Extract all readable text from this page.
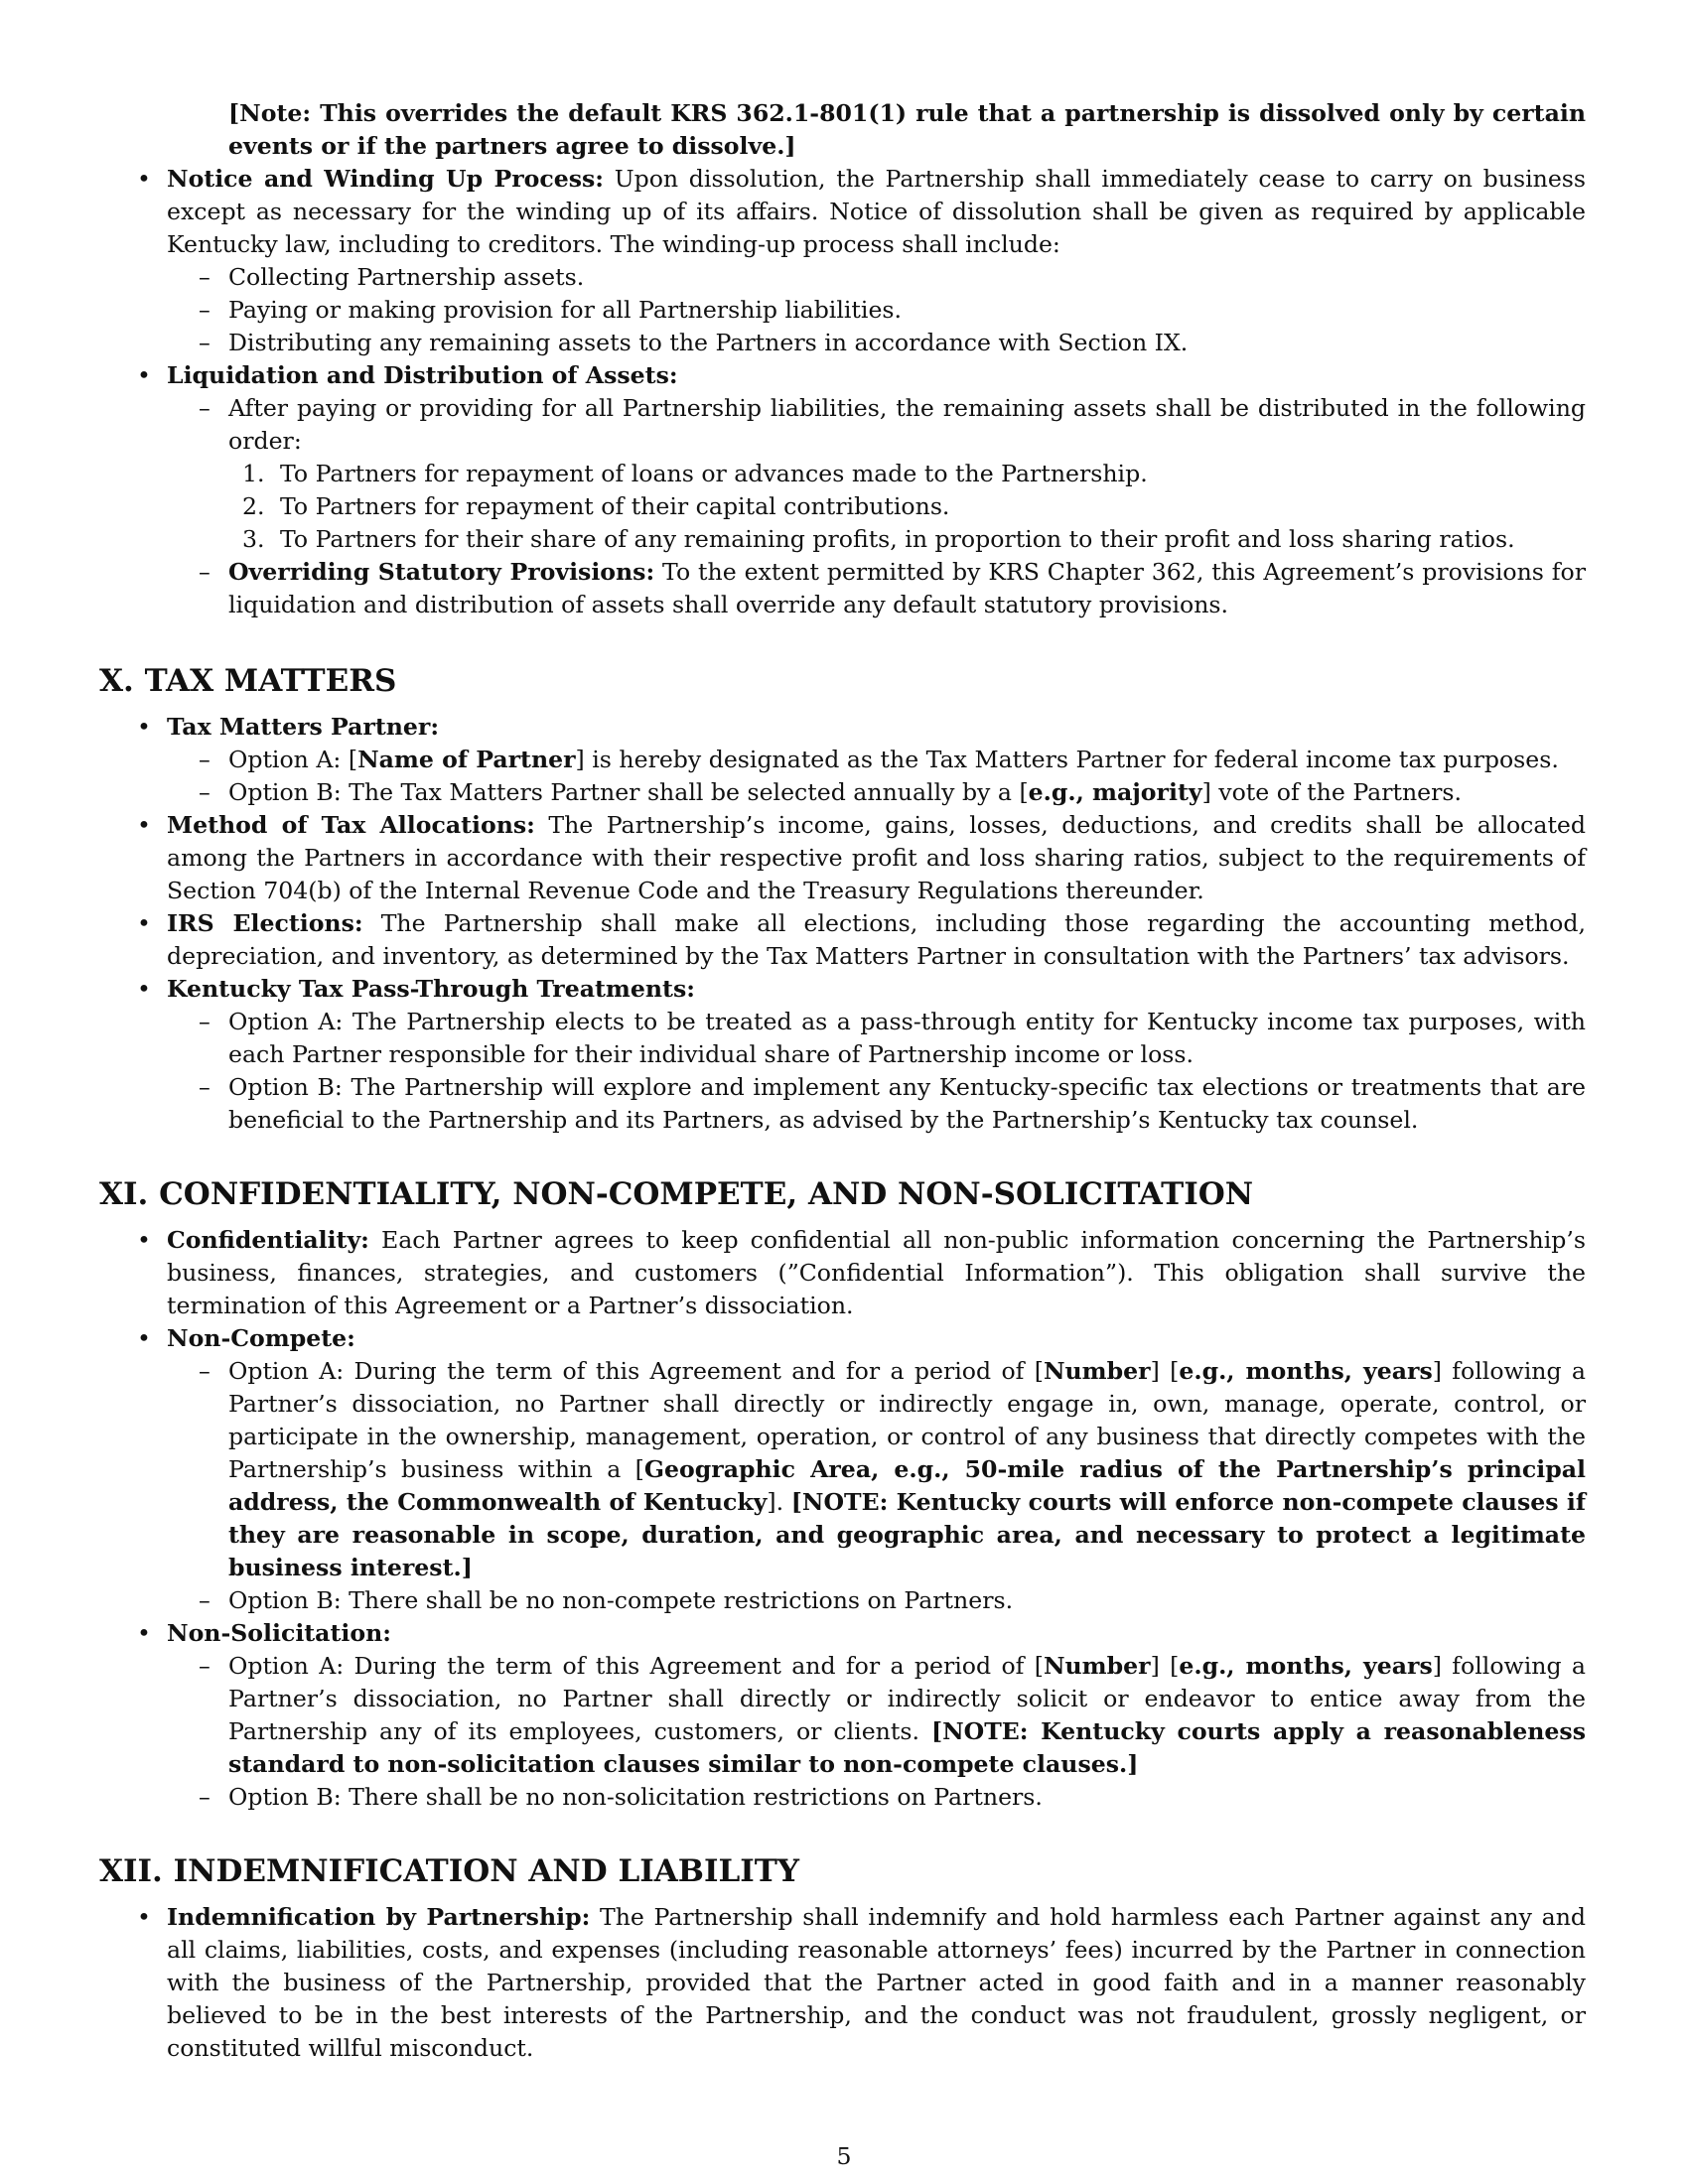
[Note: This overrides the default KRS 362.1-801(1) rule that a partnership is dissolved only by certain events or if the partners agree to dissolve.]

• Notice and Winding Up Process: Upon dissolution, the Partnership shall immediately cease to carry on business except as necessary for the winding up of its affairs. Notice of dissolution shall be given as required by applicable Kentucky law, including to creditors. The winding-up process shall include:
– Collecting Partnership assets.
– Paying or making provision for all Partnership liabilities.
– Distributing any remaining assets to the Partners in accordance with Section IX.
• Liquidation and Distribution of Assets:
– After paying or providing for all Partnership liabilities, the remaining assets shall be distributed in the following order:
1. To Partners for repayment of loans or advances made to the Partnership.
2. To Partners for repayment of their capital contributions.
3. To Partners for their share of any remaining profits, in proportion to their profit and loss sharing ratios.
– Overriding Statutory Provisions: To the extent permitted by KRS Chapter 362, this Agreement’s provisions for liquidation and distribution of assets shall override any default statutory provisions.
X. TAX MATTERS
• Tax Matters Partner:
– Option A: [Name of Partner] is hereby designated as the Tax Matters Partner for federal income tax purposes.
– Option B: The Tax Matters Partner shall be selected annually by a [e.g., majority] vote of the Partners.
• Method of Tax Allocations: The Partnership’s income, gains, losses, deductions, and credits shall be allocated among the Partners in accordance with their respective profit and loss sharing ratios, subject to the requirements of Section 704(b) of the Internal Revenue Code and the Treasury Regulations thereunder.
• IRS Elections: The Partnership shall make all elections, including those regarding the accounting method, depreciation, and inventory, as determined by the Tax Matters Partner in consultation with the Partners’ tax advisors.
• Kentucky Tax Pass-Through Treatments:
– Option A: The Partnership elects to be treated as a pass-through entity for Kentucky income tax purposes, with each Partner responsible for their individual share of Partnership income or loss.
– Option B: The Partnership will explore and implement any Kentucky-specific tax elections or treatments that are beneficial to the Partnership and its Partners, as advised by the Partnership’s Kentucky tax counsel.
XI. CONFIDENTIALITY, NON-COMPETE, AND NON-SOLICITATION
• Confidentiality: Each Partner agrees to keep confidential all non-public information concerning the Partnership’s business, finances, strategies, and customers (”Confidential Information”). This obligation shall survive the termination of this Agreement or a Partner’s dissociation.
• Non-Compete:
– Option A: During the term of this Agreement and for a period of [Number] [e.g., months, years] following a Partner’s dissociation, no Partner shall directly or indirectly engage in, own, manage, operate, control, or participate in the ownership, management, operation, or control of any business that directly competes with the Partnership’s business within a [Geographic Area, e.g., 50-mile radius of the Partnership’s principal address, the Commonwealth of Kentucky]. [NOTE: Kentucky courts will enforce non-compete clauses if they are reasonable in scope, duration, and geographic area, and necessary to protect a legitimate business interest.]
– Option B: There shall be no non-compete restrictions on Partners.
• Non-Solicitation:
– Option A: During the term of this Agreement and for a period of [Number] [e.g., months, years] following a Partner’s dissociation, no Partner shall directly or indirectly solicit or endeavor to entice away from the Partnership any of its employees, customers, or clients. [NOTE: Kentucky courts apply a reasonableness standard to non-solicitation clauses similar to non-compete clauses.]
– Option B: There shall be no non-solicitation restrictions on Partners.
XII. INDEMNIFICATION AND LIABILITY
• Indemnification by Partnership: The Partnership shall indemnify and hold harmless each Partner against any and all claims, liabilities, costs, and expenses (including reasonable attorneys’ fees) incurred by the Partner in connection with the business of the Partnership, provided that the Partner acted in good faith and in a manner reasonably believed to be in the best interests of the Partnership, and the conduct was not fraudulent, grossly negligent, or constituted willful misconduct.
5
